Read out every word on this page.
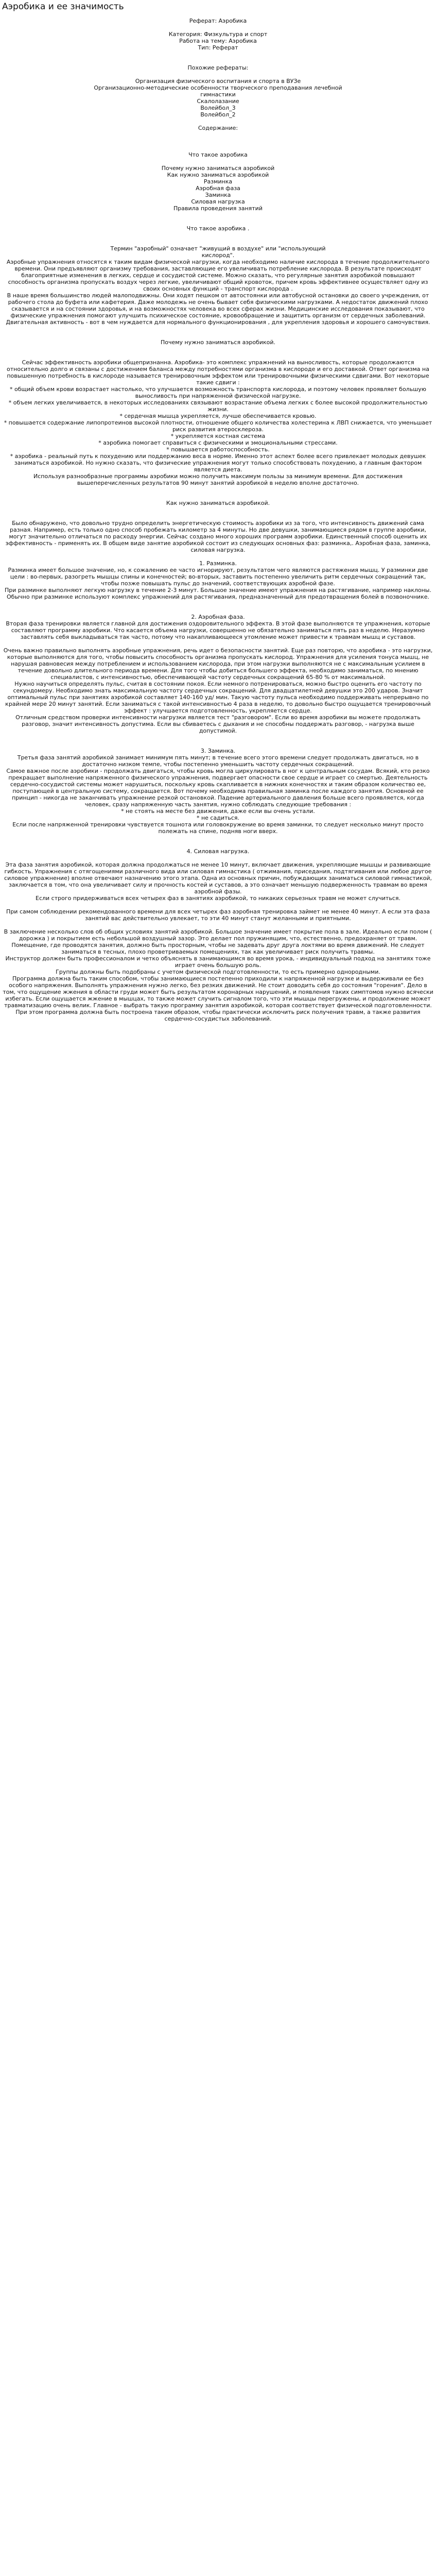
Аэробика и ее значимость

Реферат: Аэробика

Категория: Физкультура и спорт

Работа на тему: Аэробика

Тип: Реферат

Похожие рефераты:

Организация физического воспитания и спорта в ВУЗе

Организационно-методические особенности творческого преподавания лечебной гимнастики

Скалолазание

Волейбол_3

Волейбол_2

Содержание:

Что такое аэробика

Почему нужно заниматься аэробикой

Как нужно заниматься аэробикой

Разминка

Аэробная фаза

Заминка

Силовая нагрузка

Правила проведения занятий

Что такое аэробика .

Термин "аэробный" означает "живущий в воздухе" или "использующий кислород".

Аэробные упражнения относятся к таким видам физической нагрузки, когда необходимо наличие кислорода в течение продолжительного времени. Они предъявляют организму требования, заставляющие его увеличивать потребление кислорода. В результате происходят благоприятные изменения в легких, сердце и сосудистой системе. Можно сказать, что регулярные занятия аэробикой повышают способность организма пропускать воздух через легкие, увеличивают общий кровоток, причем кровь эффективнее осуществляет одну из своих основных функций - транспорт кислорода .

В наше время большинство людей малоподвижны. Они ходят пешком от автостоянки или автобусной остановки до своего учреждения, от рабочего стола до буфета или кафетерия. Даже молодежь не очень бывает себя физическими нагрузками. А недостаток движений плохо сказывается и на состоянии здоровья, и на возможностях человека во всех сферах жизни. Медицинские исследования показывают, что физические упражнения помогают улучшить психическое состояние, кровообращение и защитить организм от сердечных заболеваний. Двигательная активность - вот в чем нуждается для нормального функционирования , для укрепления здоровья и хорошего самочувствия.

Почему нужно заниматься аэробикой.

Сейчас эффективность аэробики общепризнанна. Аэробика- это комплекс упражнений на выносливость, которые продолжаются относительно долго и связаны с достижением баланса между потребностями организма в кислороде и его доставкой. Ответ организма на повышенную потребность в кислороде называется тренировочным эффектом или тренировочными физическими сдвигами. Вот некоторые такие сдвиги :

* общий объем крови возрастает настолько, что улучшается возможность транспорта кислорода, и поэтому человек проявляет большую выносливость при напряженной физической нагрузке.

* объем легких увеличивается, в некоторых исследованиях связывают возрастание объема легких с более высокой продолжительностью жизни.

* сердечная мышца укрепляется, лучше обеспечивается кровью.

* повышается содержание липопротеинов высокой плотности, отношение общего количества холестерина к ЛВП снижается, что уменьшает риск развития атеросклероза.

* укрепляется костная система

* аэробика помогает справиться с физическими и эмоциональными стрессами.

* повышается работоспособность.

* аэробика - реальный путь к похудению или поддержанию веса в норме. Именно этот аспект более всего привлекает молодых девушек заниматься аэробикой. Но нужно сказать, что физические упражнения могут только способствовать похудению, а главным фактором является диета.

Используя разнообразные программы аэробики можно получить максимум пользы за минимум времени. Для достижения вышеперечисленных результатов 90 минут занятий аэробикой в неделю вполне достаточно.

Как нужно заниматься аэробикой.

Было обнаружено, что довольно трудно определить энергетическую стоимость аэробики из за того, что интенсивность движений сама разная. Например, есть только одно способ пробежать километр за 4 минуты. Но две девушки, занимающиеся рядом в группе аэробики, могут значительно отличаться по расходу энергии. Сейчас создано много хороших программ аэробики. Единственный способ оценить их эффективность - применять их. В общем виде занятие аэробикой состоит из следующих основных фаз: разминка,. Аэробная фаза, заминка, силовая нагрузка.

1. Разминка.

Разминка имеет большое значение, но, к сожалению ее часто игнорируют, результатом чего являются растяжения мышц. У разминки две цели : во-первых, разогреть мышцы спины и конечностей; во-вторых, заставить постепенно увеличить ритм сердечных сокращений так, чтобы позже повышать пульс до значений, соответствующих аэробной фазе.

При разминке выполняют легкую нагрузку в течение 2-3 минут. Большое значение имеют упражнения на растягивание, например наклоны. Обычно при разминке используют комплекс упражнений для растягивания, предназначенный для предотвращения болей в позвоночнике.

2. Аэробная фаза.

Вторая фаза тренировки является главной для достижения оздоровительного эффекта. В этой фазе выполняются те упражнения, которые составляют программу аэробики. Что касается объема нагрузки, совершенно не обязательно заниматься пять раз в неделю. Неразумно заставлять себя выкладываться так часто, потому что накапливающееся утомление может привести к травмам мышц и суставов.

Очень важно правильно выполнять аэробные упражнения, речь идет о безопасности занятий. Еще раз повторю, что аэробика - это нагрузки, которые выполняются для того, чтобы повысить способность организма пропускать кислород. Упражнения для усиления тонуса мышц, не нарушая равновесия между потреблением и использованием кислорода, при этом нагрузки выполняются не с максимальным усилием в течение довольно длительного периода времени. Для того чтобы добиться большего эффекта, необходимо заниматься, по мнению специалистов, с интенсивностью, обеспечивающей частоту сердечных сокращений 65-80 % от максимальной.

Нужно научиться определять пульс, считая в состоянии покоя. Если немного потренироваться, можно быстро оценить его частоту по секундомеру. Необходимо знать максимальную частоту сердечных сокращений. Для двадцатилетней девушки это 200 ударов. Значит оптимальный пульс при занятиях аэробикой составляет 140-160 уд/ мин. Такую частоту пульса необходимо поддерживать непрерывно по крайней мере 20 минут занятий. Если заниматься с такой интенсивностью 4 раза в неделю, то довольно быстро ощущается тренировочный эффект : улучшается подготовленность, укрепляется сердце.

Отличным средством проверки интенсивности нагрузки является тест "разговором". Если во время аэробики вы можете продолжать разговор, значит интенсивность допустима. Если вы сбиваетесь с дыхания и не способны поддержать разговор, - нагрузка выше допустимой.

3. Заминка.

Третья фаза занятий аэробикой занимает минимум пять минут; в течение всего этого времени следует продолжать двигаться, но в достаточно низком темпе, чтобы постепенно уменьшить частоту сердечных сокращений.

Самое важное после аэробики - продолжать двигаться, чтобы кровь могла циркулировать в ног к центральным сосудам. Всякий, кто резко прекращает выполнение напряженного физического упражнения, подвергает опасности свое сердце и играет со смертью. Деятельность сердечно-сосудистой системы может нарушиться, поскольку кровь скапливается в нижних конечностях и таким образом количество ее, поступающей в центральную систему, сокращается. Вот почему необходима правильная заминка после каждого занятия. Основной ее принцип - никогда не заканчивать упражнение резкой остановкой. Падение артериального давления больше всего проявляется, когда человек, сразу напряженную часть занятия, нужно соблюдать следующие требования :

* не стоять на месте без движения, даже если вы очень устали.

* не садиться.

Если после напряженной тренировки чувствуется тошнота или головокружение во время заминки, то следует несколько минут просто полежать на спине, подняв ноги вверх.

4. Силовая нагрузка.

Эта фаза занятия аэробикой, которая должна продолжаться не менее 10 минут, включает движения, укрепляющие мышцы и развивающие гибкость. Упражнения с отягощениями различного вида или силовая гимнастика ( отжимания, приседания, подтягивания или любое другое силовое упражнение) вполне отвечают назначению этого этапа. Одна из основных причин, побуждающих заниматься силовой гимнастикой, заключается в том, что она увеличивает силу и прочность костей и суставов, а это означает меньшую подверженность травмам во время аэробной фазы.

Если строго придерживаться всех четырех фаз в занятиях аэробикой, то никаких серьезных травм не может случиться.

При самом соблюдении рекомендованного времени для всех четырех фаз аэробная тренировка займет не менее 40 минут. А если эта фаза занятий вас действительно увлекает, то эти 40 минут станут желанными и приятными.

В заключение несколько слов об общих условиях занятий аэробикой. Большое значение имеет покрытие пола в зале. Идеально если полом ( дорожка ) и покрытием есть небольшой воздушный зазор. Это делает пол пружинящим, что, естественно, предохраняет от травм.

Помещение, где проводятся занятия, должно быть просторным, чтобы не задевать друг друга локтями во время движений. Не следует заниматься в тесных, плохо проветриваемых помещениях, так как увеличивает риск получить травмы.

Инструктор должен быть профессионалом и четко объяснять в занимающимся во время урока, - индивидуальный подход на занятиях тоже играет очень большую роль.

Группы должны быть подобраны с учетом физической подготовленности, то есть примерно однородными.

Программа должна быть таким способом, чтобы занимающиеся постепенно приходили к напряженной нагрузке и выдерживали ее без особого напряжения. Выполнять упражнения нужно легко, без резких движений. Не стоит доводить себя до состояния "горения". Дело в том, что ощущение жжения в области груди может быть результатом коронарных нарушений, и появления таких симптомов нужно всячески избегать. Если ощущается жжение в мышцах, то также может случить сигналом того, что эти мышцы перегружены, и продолжение может травматизацию очень велик. Главное - выбрать такую программу занятия аэробикой, которая соответствует физической подготовленности. При этом программа должна быть построена таким образом, чтобы практически исключить риск получения травм, а также развития сердечно-сосудистых заболеваний.
